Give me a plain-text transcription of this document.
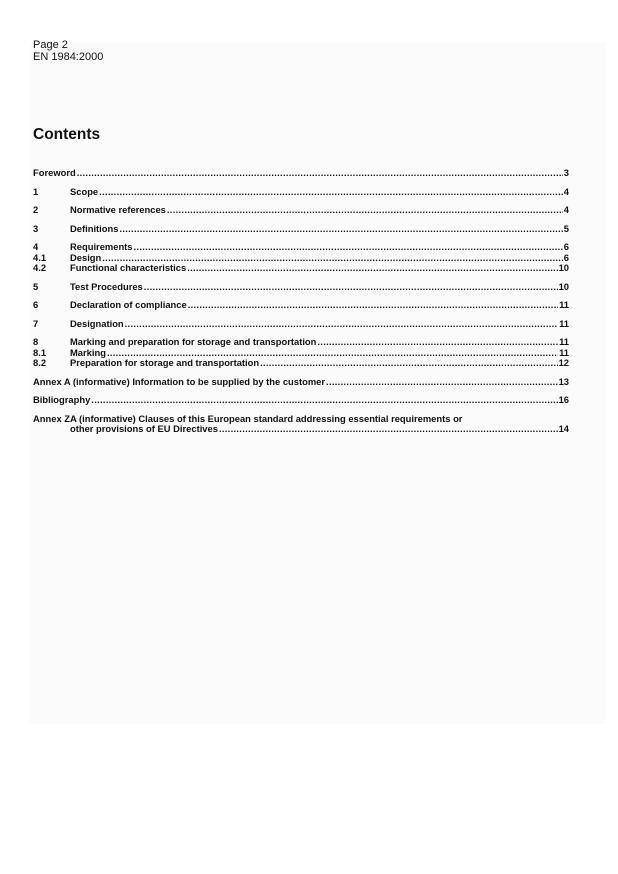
Page 2
EN 1984:2000
Contents
Foreword .....	3
1	Scope .....	4
2	Normative references .....	4
3	Definitions .....	5
4	Requirements .....	6
4.1	Design .....	6
4.2	Functional characteristics .....	10
5	Test Procedures .....	10
6	Declaration of compliance .....	11
7	Designation .....	11
8	Marking and preparation for storage and transportation .....	11
8.1	Marking .....	11
8.2	Preparation for storage and transportation .....	12
Annex A (informative) Information to be supplied by the customer .....	13
Bibliography .....	16
Annex ZA (informative) Clauses of this European standard addressing essential requirements or
other provisions of EU Directives .....	14
